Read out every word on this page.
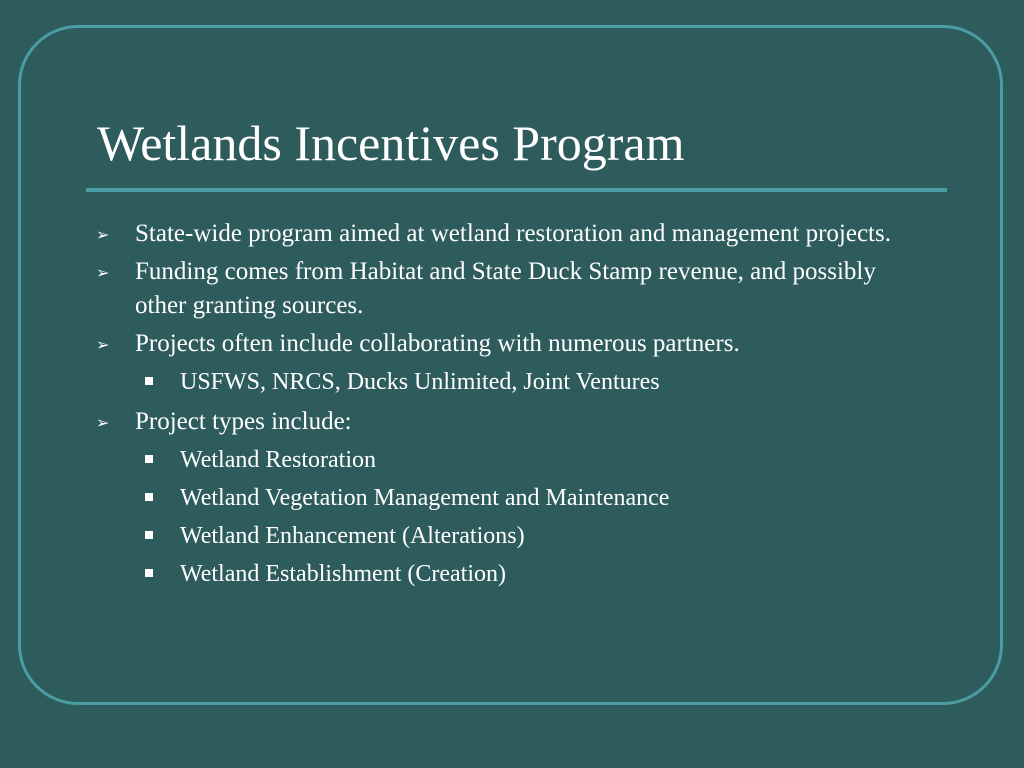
Wetlands Incentives Program
➢ State-wide program aimed at wetland restoration and management projects.
➢ Funding comes from Habitat and State Duck Stamp revenue, and possibly other granting sources.
➢ Projects often include collaborating with numerous partners.
USFWS, NRCS, Ducks Unlimited, Joint Ventures
➢ Project types include:
Wetland Restoration
Wetland Vegetation Management and Maintenance
Wetland Enhancement (Alterations)
Wetland Establishment (Creation)
